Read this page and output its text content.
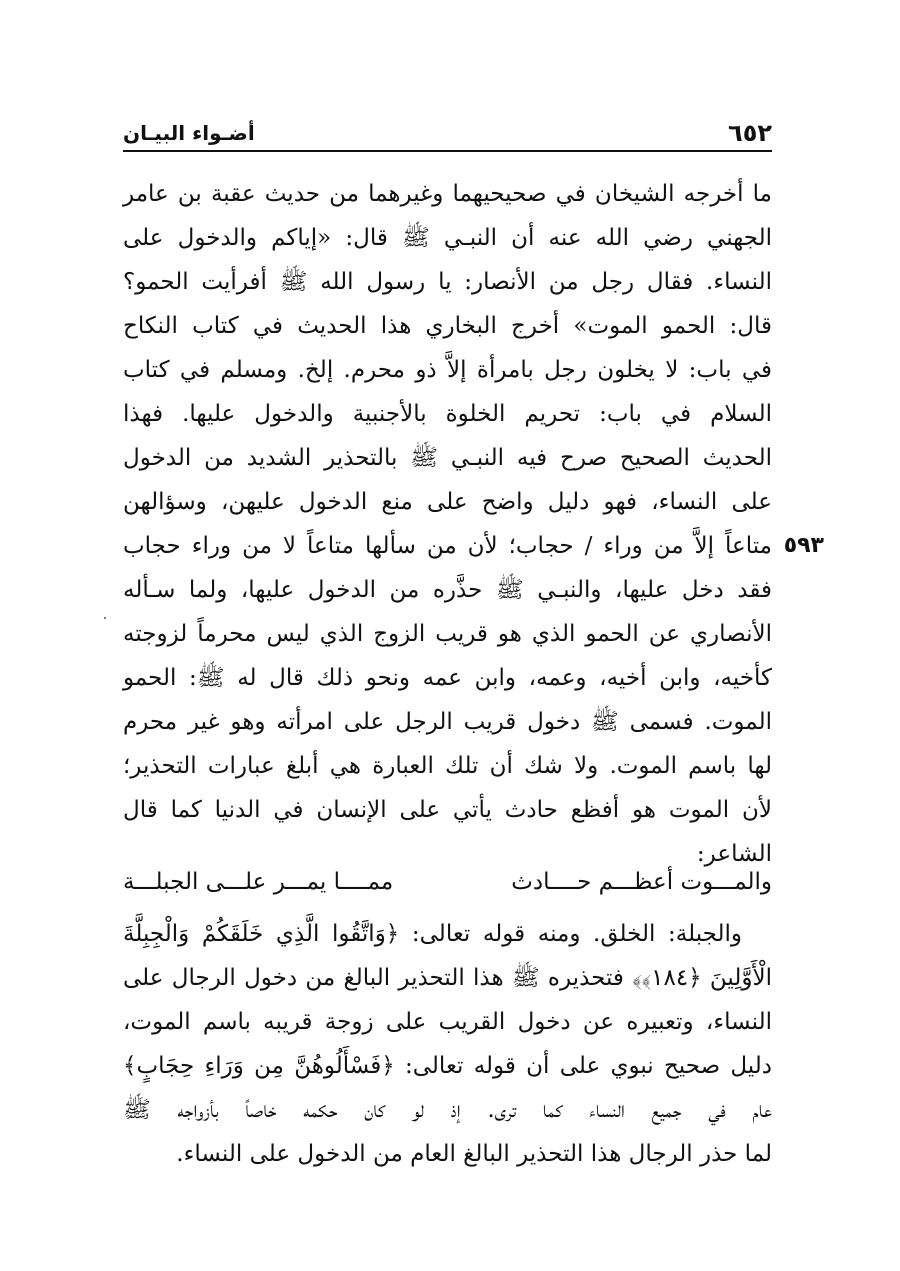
٦٥٢
أضـواء البيـان
ما أخرجه الشيخان في صحيحيهما وغيرهما من حديث عقبة بن عامر
الجهني رضي الله عنه أن النبـي ﷺ قال: «إياكم والدخول على
النساء. فقال رجل من الأنصار: يا رسول الله ﷺ أفرأيت الحمو؟
قال: الحمو الموت» أخرج البخاري هذا الحديث في كتاب النكاح
في باب: لا يخلون رجل بامرأة إلاَّ ذو محرم. إلخ. ومسلم في كتاب
السلام في باب: تحريم الخلوة بالأجنبية والدخول عليها. فهذا
الحديث الصحيح صرح فيه النبـي ﷺ بالتحذير الشديد من الدخول
على النساء، فهو دليل واضح على منع الدخول عليهن، وسؤالهن
٥٩٣
متاعاً إلاَّ من وراء / حجاب؛ لأن من سألها متاعاً لا من وراء حجاب
فقد دخل عليها، والنبـي ﷺ حذَّره من الدخول عليها، ولما سـأله
الأنصاري عن الحمو الذي هو قريب الزوج الذي ليس محرماً لزوجته
كأخيه، وابن أخيه، وعمه، وابن عمه ونحو ذلك قال له ﷺ: الحمو
الموت. فسمى ﷺ دخول قريب الرجل على امرأته وهو غير محرم
لها باسم الموت. ولا شك أن تلك العبارة هي أبلغ عبارات التحذير؛
لأن الموت هو أفظع حادث يأتي على الإنسان في الدنيا كما قال
الشاعر:
والمـــوت أعظـــم حــــادث
ممــــا يمـــر علـــى الجبلـــة
والجبلة: الخلق. ومنه قوله تعالى: ﴿وَاتَّقُوا الَّذِي خَلَقَكُمْ وَالْجِبِلَّةَ
الْأَوَّلِينَ ﴿١٨٤﴾﴾ فتحذيره ﷺ هذا التحذير البالغ من دخول الرجال على
النساء، وتعبيره عن دخول القريب على زوجة قريبه باسم الموت،
دليل صحيح نبوي على أن قوله تعالى: ﴿فَسْأَلُوهُنَّ مِن وَرَاءِ حِجَابٍ﴾
عام في جميع النساء كما ترى. إذ لو كان حكمه خاصاً بأزواجه ﷺ
لما حذر الرجال هذا التحذير البالغ العام من الدخول على النساء.
